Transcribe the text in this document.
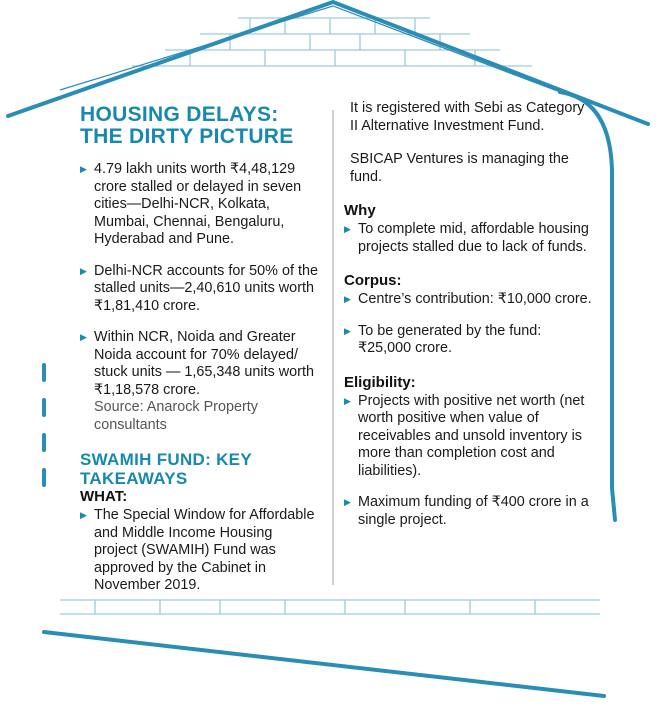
HOUSING DELAYS: THE DIRTY PICTURE

▶ 4.79 lakh units worth ₹4,48,129 crore stalled or delayed in seven cities—Delhi-NCR, Kolkata, Mumbai, Chennai, Bengaluru, Hyderabad and Pune.

▶ Delhi-NCR accounts for 50% of the stalled units—2,40,610 units worth ₹1,81,410 crore.

▶ Within NCR, Noida and Greater Noida account for 70% delayed/ stuck units — 1,65,348 units worth ₹1,18,578 crore.
Source: Anarock Property consultants

SWAMIH FUND: KEY TAKEAWAYS

WHAT:

▶ The Special Window for Affordable and Middle Income Housing project (SWAMIH) Fund was approved by the Cabinet in November 2019.

It is registered with Sebi as Category II Alternative Investment Fund.

SBICAP Ventures is managing the fund.

Why

▶ To complete mid, affordable housing projects stalled due to lack of funds.

Corpus:

▶ Centre’s contribution: ₹10,000 crore.

▶ To be generated by the fund: ₹25,000 crore.

Eligibility:

▶ Projects with positive net worth (net worth positive when value of receivables and unsold inventory is more than completion cost and liabilities).

▶ Maximum funding of ₹400 crore in a single project.
